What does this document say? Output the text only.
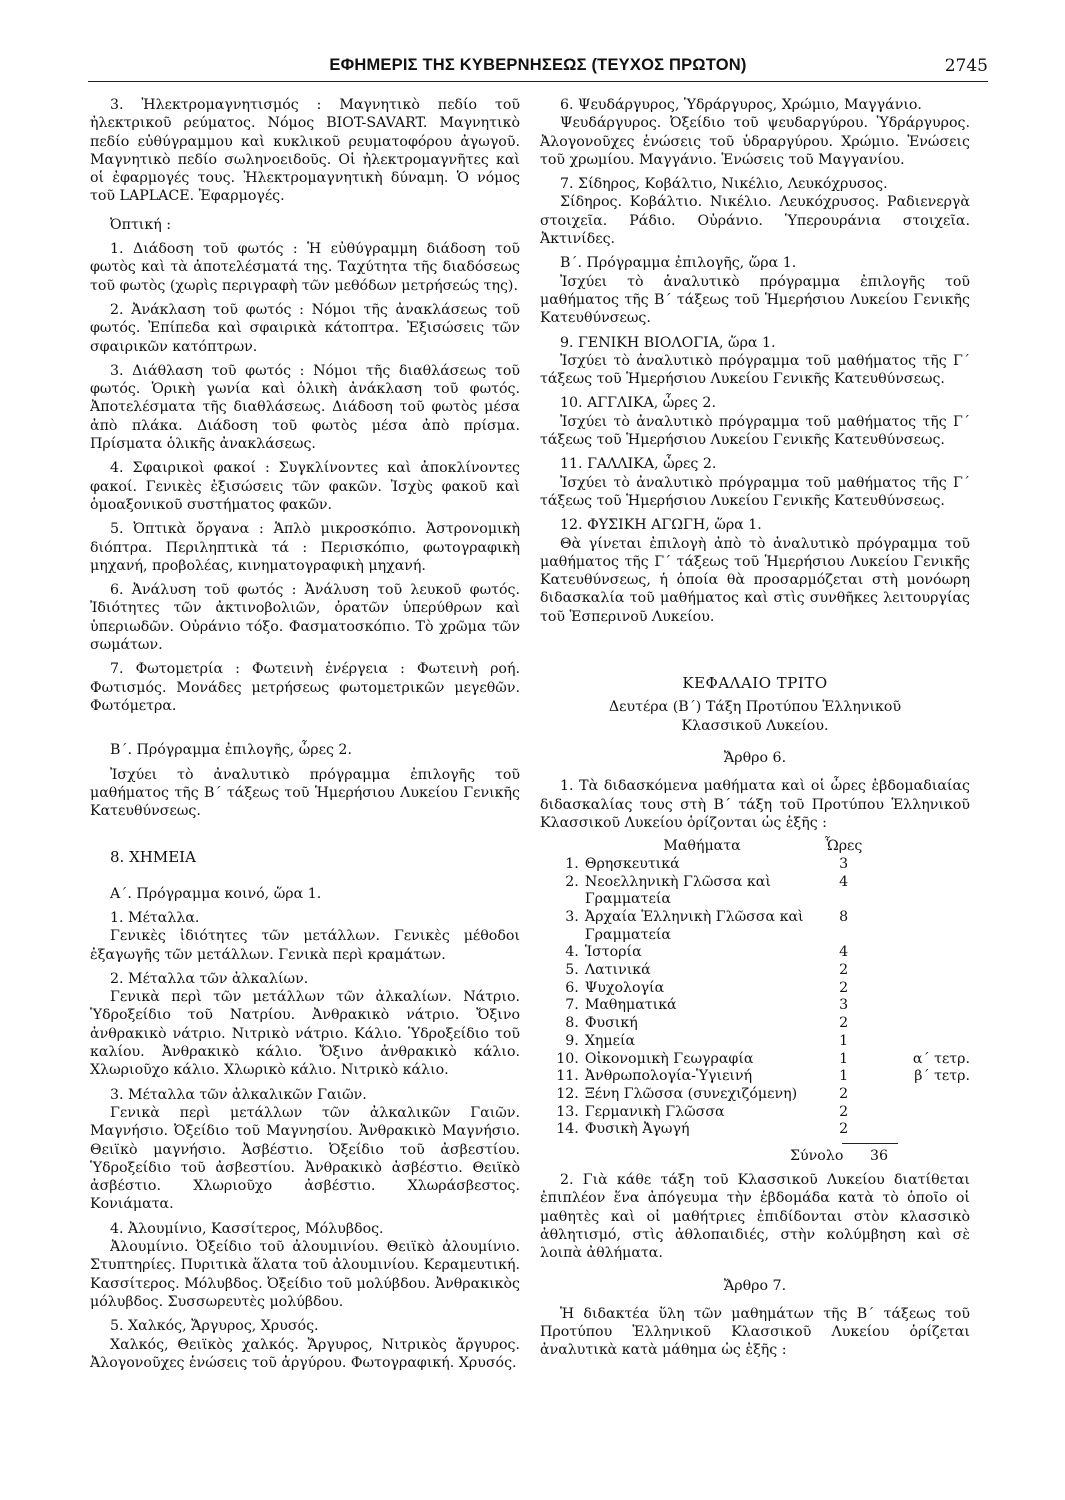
ΕΦΗΜΕΡΙΣ ΤΗΣ ΚΥΒΕΡΝΗΣΕΩΣ (ΤΕΥΧΟΣ ΠΡΩΤΟΝ)	2745

3. Ἠλεκτρομαγνητισμός : Μαγνητικὸ πεδίο τοῦ ἠλεκτρικοῦ ρεύματος. Νόμος BIOT-SAVART. Μαγνητικὸ πεδίο εὐθύγραμμου καὶ κυκλικοῦ ρευματοφόρου ἀγωγοῦ. Μαγνητικὸ πεδίο σωληνοειδοῦς. Οἱ ἠλεκτρομαγνῆτες καὶ οἱ ἐφαρμογές τους. Ἠλεκτρομαγνητικὴ δύναμη. Ὁ νόμος τοῦ LAPLACE. Ἐφαρμογές.

Ὀπτική :

1. Διάδοση τοῦ φωτός : Ἡ εὐθύγραμμη διάδοση τοῦ φωτὸς καὶ τὰ ἀποτελέσματά της. Ταχύτητα τῆς διαδόσεως τοῦ φωτὸς (χωρὶς περιγραφὴ τῶν μεθόδων μετρήσεώς της).

2. Ἀνάκλαση τοῦ φωτός : Νόμοι τῆς ἀνακλάσεως τοῦ φωτός. Ἐπίπεδα καὶ σφαιρικὰ κάτοπτρα. Ἐξισώσεις τῶν σφαιρικῶν κατόπτρων.

3. Διάθλαση τοῦ φωτός : Νόμοι τῆς διαθλάσεως τοῦ φωτός. Ὁρικὴ γωνία καὶ ὁλικὴ ἀνάκλαση τοῦ φωτός. Ἀποτελέσματα τῆς διαθλάσεως. Διάδοση τοῦ φωτὸς μέσα ἀπὸ πλάκα. Διάδοση τοῦ φωτὸς μέσα ἀπὸ πρίσμα. Πρίσματα ὁλικῆς ἀνακλάσεως.

4. Σφαιρικοὶ φακοί : Συγκλίνοντες καὶ ἀποκλίνοντες φακοί. Γενικὲς ἐξισώσεις τῶν φακῶν. Ἰσχὺς φακοῦ καὶ ὁμοαξονικοῦ συστήματος φακῶν.

5. Ὀπτικὰ ὄργανα : Ἁπλὸ μικροσκόπιο. Ἀστρονομικὴ διόπτρα. Περιληπτικὰ τά : Περισκόπιο, φωτογραφικὴ μηχανή, προβολέας, κινηματογραφικὴ μηχανή.

6. Ἀνάλυση τοῦ φωτός : Ἀνάλυση τοῦ λευκοῦ φωτός. Ἰδιότητες τῶν ἀκτινοβολιῶν, ὁρατῶν ὑπερύθρων καὶ ὑπεριωδῶν. Οὐράνιο τόξο. Φασματοσκόπιο. Τὸ χρῶμα τῶν σωμάτων.

7. Φωτομετρία : Φωτεινὴ ἐνέργεια : Φωτεινὴ ροή. Φωτισμός. Μονάδες μετρήσεως φωτομετρικῶν μεγεθῶν. Φωτόμετρα.

Β΄. Πρόγραμμα ἐπιλογῆς, ὧρες 2.

Ἰσχύει τὸ ἀναλυτικὸ πρόγραμμα ἐπιλογῆς τοῦ μαθήματος τῆς Β΄ τάξεως τοῦ Ἡμερήσιου Λυκείου Γενικῆς Κατευθύνσεως.

8. ΧΗΜΕΙΑ

Α΄. Πρόγραμμα κοινό, ὥρα 1.

1. Μέταλλα.

Γενικὲς ἰδιότητες τῶν μετάλλων. Γενικὲς μέθοδοι ἐξαγωγῆς τῶν μετάλλων. Γενικὰ περὶ κραμάτων.

2. Μέταλλα τῶν ἀλκαλίων.

Γενικὰ περὶ τῶν μετάλλων τῶν ἀλκαλίων. Νάτριο. Ὑδροξείδιο τοῦ Νατρίου. Ἀνθρακικὸ νάτριο. Ὄξινο ἀνθρακικὸ νάτριο. Νιτρικὸ νάτριο. Κάλιο. Ὑδροξείδιο τοῦ καλίου. Ἀνθρακικὸ κάλιο. Ὄξινο ἀνθρακικὸ κάλιο. Χλωριοῦχο κάλιο. Χλωρικὸ κάλιο. Νιτρικὸ κάλιο.

3. Μέταλλα τῶν ἀλκαλικῶν Γαιῶν.

Γενικὰ περὶ μετάλλων τῶν ἀλκαλικῶν Γαιῶν. Μαγνήσιο. Ὀξείδιο τοῦ Μαγνησίου. Ἀνθρακικὸ Μαγνήσιο. Θειϊκὸ μαγνήσιο. Ἀσβέστιο. Ὀξείδιο τοῦ ἀσβεστίου. Ὑδροξείδιο τοῦ ἀσβεστίου. Ἀνθρακικὸ ἀσβέστιο. Θειϊκὸ ἀσβέστιο. Χλωριοῦχο ἀσβέστιο. Χλωράσβεστος. Κονιάματα.

4. Ἀλουμίνιο, Κασσίτερος, Μόλυβδος.

Ἀλουμίνιο. Ὀξείδιο τοῦ ἀλουμινίου. Θειϊκὸ ἀλουμίνιο. Στυπτηρίες. Πυριτικὰ ἅλατα τοῦ ἀλουμινίου. Κεραμευτική. Κασσίτερος. Μόλυβδος. Ὀξείδιο τοῦ μολύβδου. Ἀνθρακικὸς μόλυβδος. Συσσωρευτὲς μολύβδου.

5. Χαλκός, Ἄργυρος, Χρυσός.

Χαλκός, Θειϊκὸς χαλκός. Ἄργυρος, Νιτρικὸς ἄργυρος. Ἀλογονοῦχες ἑνώσεις τοῦ ἀργύρου. Φωτογραφική. Χρυσός.

6. Ψευδάργυρος, Ὑδράργυρος, Χρώμιο, Μαγγάνιο.

Ψευδάργυρος. Ὀξείδιο τοῦ ψευδαργύρου. Ὑδράργυρος. Ἀλογονοῦχες ἑνώσεις τοῦ ὑδραργύρου. Χρώμιο. Ἑνώσεις τοῦ χρωμίου. Μαγγάνιο. Ἑνώσεις τοῦ Μαγγανίου.

7. Σίδηρος, Κοβάλτιο, Νικέλιο, Λευκόχρυσος.

Σίδηρος. Κοβάλτιο. Νικέλιο. Λευκόχρυσος. Ραδιενεργὰ στοιχεῖα. Ράδιο. Οὐράνιο. Ὑπερουράνια στοιχεῖα. Ἀκτινίδες.

Β΄. Πρόγραμμα ἐπιλογῆς, ὥρα 1.

Ἰσχύει τὸ ἀναλυτικὸ πρόγραμμα ἐπιλογῆς τοῦ μαθήματος τῆς Β΄ τάξεως τοῦ Ἡμερήσιου Λυκείου Γενικῆς Κατευθύνσεως.

9. ΓΕΝΙΚΗ ΒΙΟΛΟΓΙΑ, ὥρα 1.

Ἰσχύει τὸ ἀναλυτικὸ πρόγραμμα τοῦ μαθήματος τῆς Γ΄ τάξεως τοῦ Ἡμερήσιου Λυκείου Γενικῆς Κατευθύνσεως.

10. ΑΓΓΛΙΚΑ, ὧρες 2.

Ἰσχύει τὸ ἀναλυτικὸ πρόγραμμα τοῦ μαθήματος τῆς Γ΄ τάξεως τοῦ Ἡμερήσιου Λυκείου Γενικῆς Κατευθύνσεως.

11. ΓΑΛΛΙΚΑ, ὧρες 2.

Ἰσχύει τὸ ἀναλυτικὸ πρόγραμμα τοῦ μαθήματος τῆς Γ΄ τάξεως τοῦ Ἡμερήσιου Λυκείου Γενικῆς Κατευθύνσεως.

12. ΦΥΣΙΚΗ ΑΓΩΓΗ, ὥρα 1.

Θὰ γίνεται ἐπιλογὴ ἀπὸ τὸ ἀναλυτικὸ πρόγραμμα τοῦ μαθήματος τῆς Γ΄ τάξεως τοῦ Ἡμερήσιου Λυκείου Γενικῆς Κατευθύνσεως, ἡ ὁποία θὰ προσαρμόζεται στὴ μονόωρη διδασκαλία τοῦ μαθήματος καὶ στὶς συνθῆκες λειτουργίας τοῦ Ἑσπερινοῦ Λυκείου.

ΚΕΦΑΛΑΙΟ ΤΡΙΤΟ

Δευτέρα (Β΄) Τάξη Προτύπου Ἑλληνικοῦ

Κλασσικοῦ Λυκείου.

Ἄρθρο 6.

1. Τὰ διδασκόμενα μαθήματα καὶ οἱ ὧρες ἑβδομαδιαίας διδασκαλίας τους στὴ Β΄ τάξη τοῦ Προτύπου Ἑλληνικοῦ Κλασσικοῦ Λυκείου ὁρίζονται ὡς ἑξῆς :

	Μαθήματα	Ὧρες	
1.	Θρησκευτικά	3	
2.	Νεοελληνικὴ Γλῶσσα καὶ Γραμματεία	4	
3.	Ἀρχαία Ἑλληνικὴ Γλῶσσα καὶ Γραμματεία	8	
4.	Ἱστορία	4	
5.	Λατινικά	2	
6.	Ψυχολογία	2	
7.	Μαθηματικά	3	
8.	Φυσική	2	
9.	Χημεία	1	
10.	Οἰκονομικὴ Γεωγραφία	1	α΄ τετρ.
11.	Ἀνθρωπολογία-Ὑγιεινή	1	β΄ τετρ.
12.	Ξένη Γλῶσσα (συνεχιζόμενη)	2	
13.	Γερμανικὴ Γλῶσσα	2	
14.	Φυσικὴ Ἀγωγή	2	
Σύνολο 36

2. Γιὰ κάθε τάξη τοῦ Κλασσικοῦ Λυκείου διατίθεται ἐπιπλέον ἕνα ἀπόγευμα τὴν ἑβδομάδα κατὰ τὸ ὁποῖο οἱ μαθητὲς καὶ οἱ μαθήτριες ἐπιδίδονται στὸν κλασσικὸ ἀθλητισμό, στὶς ἀθλοπαιδιές, στὴν κολύμβηση καὶ σὲ λοιπὰ ἀθλήματα.

Ἄρθρο 7.

Ἡ διδακτέα ὕλη τῶν μαθημάτων τῆς Β΄ τάξεως τοῦ Προτύπου Ἑλληνικοῦ Κλασσικοῦ Λυκείου ὁρίζεται ἀναλυτικὰ κατὰ μάθημα ὡς ἑξῆς :
